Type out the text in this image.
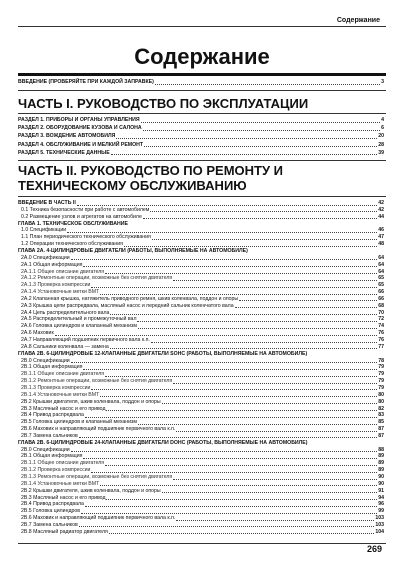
Содержание
Содержание
ВВЕДЕНИЕ (ПРОВЕРЯЙТЕ ПРИ КАЖДОЙ ЗАПРАВКЕ)	3
ЧАСТЬ I. РУКОВОДСТВО ПО ЭКСПЛУАТАЦИИ
РАЗДЕЛ 1. ПРИБОРЫ И ОРГАНЫ УПРАВЛЕНИЯ	4
РАЗДЕЛ 2. ОБОРУДОВАНИЕ КУЗОВА И САЛОНА	6
РАЗДЕЛ 3. ВОЖДЕНИЕ АВТОМОБИЛЯ	20
РАЗДЕЛ 4. ОБСЛУЖИВАНИЕ И МЕЛКИЙ РЕМОНТ	28
РАЗДЕЛ 5. ТЕХНИЧЕСКИЕ ДАННЫЕ	39
ЧАСТЬ II. РУКОВОДСТВО ПО РЕМОНТУ И
ТЕХНИЧЕСКОМУ ОБСЛУЖИВАНИЮ
ВВЕДЕНИЕ В ЧАСТЬ II	42
0.1 Техника безопасности при работе с автомобилем	42
0.2 Размещение узлов и агрегатов на автомобиле	44
ГЛАВА 1. ТЕХНИЧЕСКОЕ ОБСЛУЖИВАНИЕ
1.0 Спецификации	46
1.1 План периодического технического обслуживания	47
1.2 Операции технического обслуживания	48
ГЛАВА 2А. 4-ЦИЛИНДРОВЫЕ ДВИГАТЕЛИ (РАБОТЫ, ВЫПОЛНЯЕМЫЕ НА АВТОМОБИЛЕ)
2А.0 Спецификации	64
2А.1 Общая информация	64
2А.1.1 Общее описание двигателя	64
2А.1.2 Ремонтные операции, возможные без снятия двигателя	65
2А.1.3 Проверка компрессии	65
2А.1.4 Установочные метки ВМТ	66
2А.2 Клапанная крышка, натяжитель приводного ремня, шкив коленвала, поддон и опоры	66
2А.3 Крышка цепи распредвала, масляный насос и передний сальник коленчатого вала	68
2А.4 Цепь распределительного вала	70
2А.5 Распределительный и промежуточный вал	72
2А.6 Головка цилиндров и клапанный механизм	74
2А.6 Маховик	76
2А.7 Направляющий подшипник первичного вала к.п.	76
2А.8 Сальники коленвала — замена	77
ГЛАВА 2B. 6-ЦИЛИНДРОВЫЕ 12-КЛАПАННЫЕ ДВИГАТЕЛИ SOHC (РАБОТЫ, ВЫПОЛНЯЕМЫЕ НА АВТОМОБИЛЕ)
2B.0 Спецификации	78
2B.1 Общая информация	79
2B.1.1 Общее описание двигателя	79
2B.1.2 Ремонтные операции, возможные без снятия двигателя	79
2B.1.3 Проверка компрессии	79
2B.1.4 Установочные метки ВМТ	80
2B.2 Крышки двигателя, шкив коленвала, поддон и опоры	80
2B.3 Масляный насос и его привод	82
2B.4 Привод распредвала	83
2B.5 Головка цилиндров и клапанный механизм	85
2B.6 Маховик и направляющий подшипник первичного вала к.п.	87
2B.7 Замена сальников	87
ГЛАВА 2В. 6-ЦИЛИНДРОВЫЕ 24-КЛАПАННЫЕ ДВИГАТЕЛИ DOHC (РАБОТЫ, ВЫПОЛНЯЕМЫЕ НА АВТОМОБИЛЕ)
2В.0 Спецификации	88
2В.1 Общая информация	89
2В.1.1 Общее описание двигателя	89
2В.1.2 Проверка компрессии	89
2В.1.3 Ремонтные операции, возможные без снятия двигателя	90
2В.1.4 Установочные метки ВМТ	90
2В.2 Крышки двигателя, шкив коленвала, поддон и опоры	91
2В.3 Масляный насос и его привод	94
2В.4 Привод распредвала	96
2В.5 Головка цилиндров	99
2В.6 Маховик и направляющий подшипник первичного вала к.п.	103
2В.7 Замена сальников	103
2В.8 Масляный радиатор двигателя	104
269
